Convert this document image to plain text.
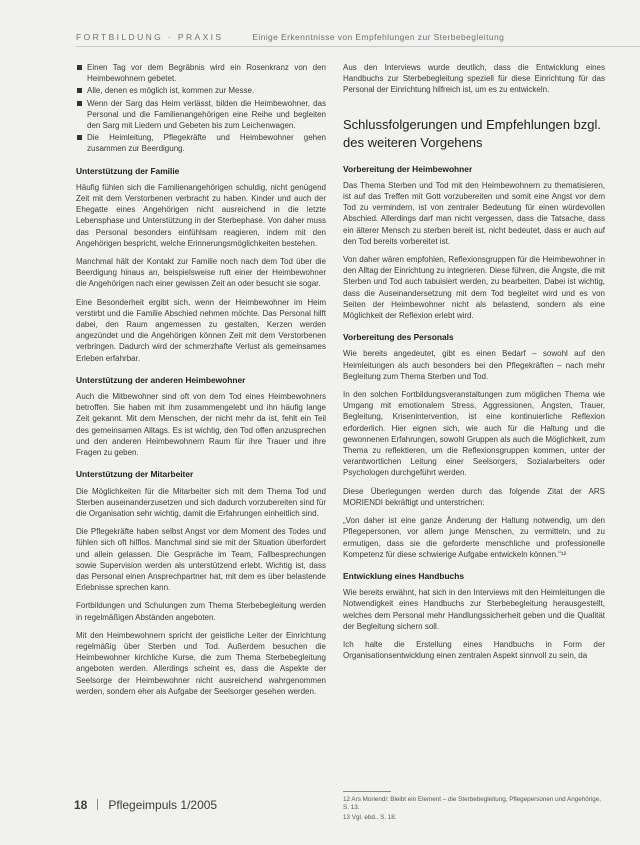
FORTBILDUNG · PRAXIS	Einige Erkenntnisse von Empfehlungen zur Sterbebegleitung
Einen Tag vor dem Begräbnis wird ein Rosenkranz von den Heimbewohnern gebetet.
Alle, denen es möglich ist, kommen zur Messe.
Wenn der Sarg das Heim verlässt, bilden die Heimbewohner, das Personal und die Familienangehörigen eine Reihe und begleiten den Sarg mit Liedern und Gebeten bis zum Leichenwagen.
Die Heimleitung, Pflegekräfte und Heimbewohner gehen zusammen zur Beerdigung.
Unterstützung der Familie

Häufig fühlen sich die Familienangehörigen schuldig, nicht genügend Zeit mit dem Verstorbenen verbracht zu haben. Kinder und auch der Ehegatte eines Angehörigen nicht ausreichend in die letzte Lebensphase und Unterstützung in der Sterbephase. Von daher muss das Personal besonders einfühlsam reagieren, indem mit den Angehörigen bespricht, welche Erinnerungsmöglichkeiten bestehen.

Manchmal hält der Kontakt zur Familie noch nach dem Tod über die Beerdigung hinaus an, beispielsweise ruft einer der Heimbewohner die Angehörigen nach einer gewissen Zeit an oder besucht sie sogar.

Eine Besonderheit ergibt sich, wenn der Heimbewohner im Heim verstirbt und die Familie Abschied nehmen möchte. Das Personal hilft dabei, den Raum angemessen zu gestalten, Kerzen werden angezündet und die Angehörigen können Zeit mit dem Verstorbenen verbringen. Dadurch wird der schmerzhafte Verlust als gemeinsames Erleben erfahrbar.

Unterstützung der anderen Heimbewohner

Auch die Mitbewohner sind oft von dem Tod eines Heimbewohners betroffen. Sie haben mit ihm zusammengelebt und ihn häufig lange Zeit gekannt. Mit dem Menschen, der nicht mehr da ist, fehlt ein Teil des gemeinsamen Alltags. Es ist wichtig, den Tod offen anzusprechen und den anderen Heimbewohnern Raum für ihre Trauer und ihre Fragen zu geben.

Unterstützung der Mitarbeiter

Die Möglichkeiten für die Mitarbeiter sich mit dem Thema Tod und Sterben auseinanderzusetzen und sich dadurch vorzubereiten sind für die Organisation sehr wichtig, damit die Erfahrungen einheitlich sind.

Die Pflegekräfte haben selbst Angst vor dem Moment des Todes und fühlen sich oft hilflos. Manchmal sind sie mit der Situation überfordert und allein gelassen. Die Gespräche im Team, Fallbesprechungen sowie Supervision werden als unterstützend erlebt. Wichtig ist, dass das Personal einen Ansprechpartner hat, mit dem es über belastende Erlebnisse sprechen kann.

Fortbildungen und Schulungen zum Thema Sterbebegleitung werden in regelmäßigen Abständen angeboten.

Mit den Heimbewohnern spricht der geistliche Leiter der Einrichtung regelmäßig über Sterben und Tod. Außerdem besuchen die Heimbewohner kirchliche Kurse, die zum Thema Sterbebegleitung angeboten werden. Allerdings scheint es, dass die Aspekte der Seelsorge der Heimbewohner nicht ausreichend wahrgenommen werden, sondern eher als Aufgabe der Seelsorger gesehen werden.

Aus den Interviews wurde deutlich, dass die Entwicklung eines Handbuchs zur Sterbebegleitung speziell für diese Einrichtung für das Personal der Einrichtung hilfreich ist, um es zu entwickeln.

Schlussfolgerungen und Empfehlungen bzgl. des weiteren Vorgehens
Vorbereitung der Heimbewohner

Das Thema Sterben und Tod mit den Heimbewohnern zu thematisieren, ist auf das Treffen mit Gott vorzubereiten und somit eine Angst vor dem Tod zu vermindern, ist von zentraler Bedeutung für einen würdevollen Abschied. Allerdings darf man nicht vergessen, dass die Tatsache, dass ein älterer Mensch zu sterben bereit ist, nicht bedeutet, dass er auch auf den Tod bereits vorbereitet ist.

Von daher wären empfohlen, Reflexionsgruppen für die Heimbewohner in den Alltag der Einrichtung zu integrieren. Diese führen, die Ängste, die mit Sterben und Tod auch tabuisiert werden, zu bearbeiten. Dabei ist wichtig, dass die Auseinandersetzung mit dem Tod begleitet wird und es von Seiten der Heimbewohner nicht als belastend, sondern als eine Möglichkeit der Reflexion erlebt wird.

Vorbereitung des Personals

Wie bereits angedeutet, gibt es einen Bedarf – sowohl auf den Heimleitungen als auch besonders bei den Pflegekräften – nach mehr Begleitung zum Thema Sterben und Tod.

In den solchen Fortbildungsveranstaltungen zum möglichen Thema wie Umgang mit emotionalem Stress, Aggressionen, Ängsten, Trauer, Begleitung, Krisenintervention, ist eine kontinuierliche Reflexion erforderlich. Hier eignen sich, wie auch für die Haltung und die gewonnenen Erfahrungen, sowohl Gruppen als auch die Möglichkeit, zum Thema zu reflektieren, um die Reflexionsgruppen kommen, unter der verantwortlichen Leitung einer Seelsorgers, Sozialarbeiters oder Psychologen durchgeführt werden.

Diese Überlegungen werden durch das folgende Zitat der ARS MORIENDI bekräftigt und unterstrichen:

„Von daher ist eine ganze Änderung der Haltung notwendig, um den Pflegepersonen, vor allem junge Menschen, zu vermitteln, und zu ermutigen, dass sie die geforderte menschliche und professionelle Kompetenz für diese schwierige Aufgabe entwickeln können.“¹²

Entwicklung eines Handbuchs

Wie bereits erwähnt, hat sich in den Interviews mit den Heimleitungen die Notwendigkeit eines Handbuchs zur Sterbebegleitung herausgestellt, welches dem Personal mehr Handlungssicherheit geben und die Qualität der Begleitung sichern soll.

Ich halte die Erstellung eines Handbuchs in Form der Organisationsentwicklung einen zentralen Aspekt sinnvoll zu sein, da

12 Ars Moriendi: Bleibt ein Element – die Sterbebegleitung, Pflegepersonen und Angehörige, S. 13.
13 Vgl. ebd., S. 18.
18 Pflegeimpuls 1/2005
